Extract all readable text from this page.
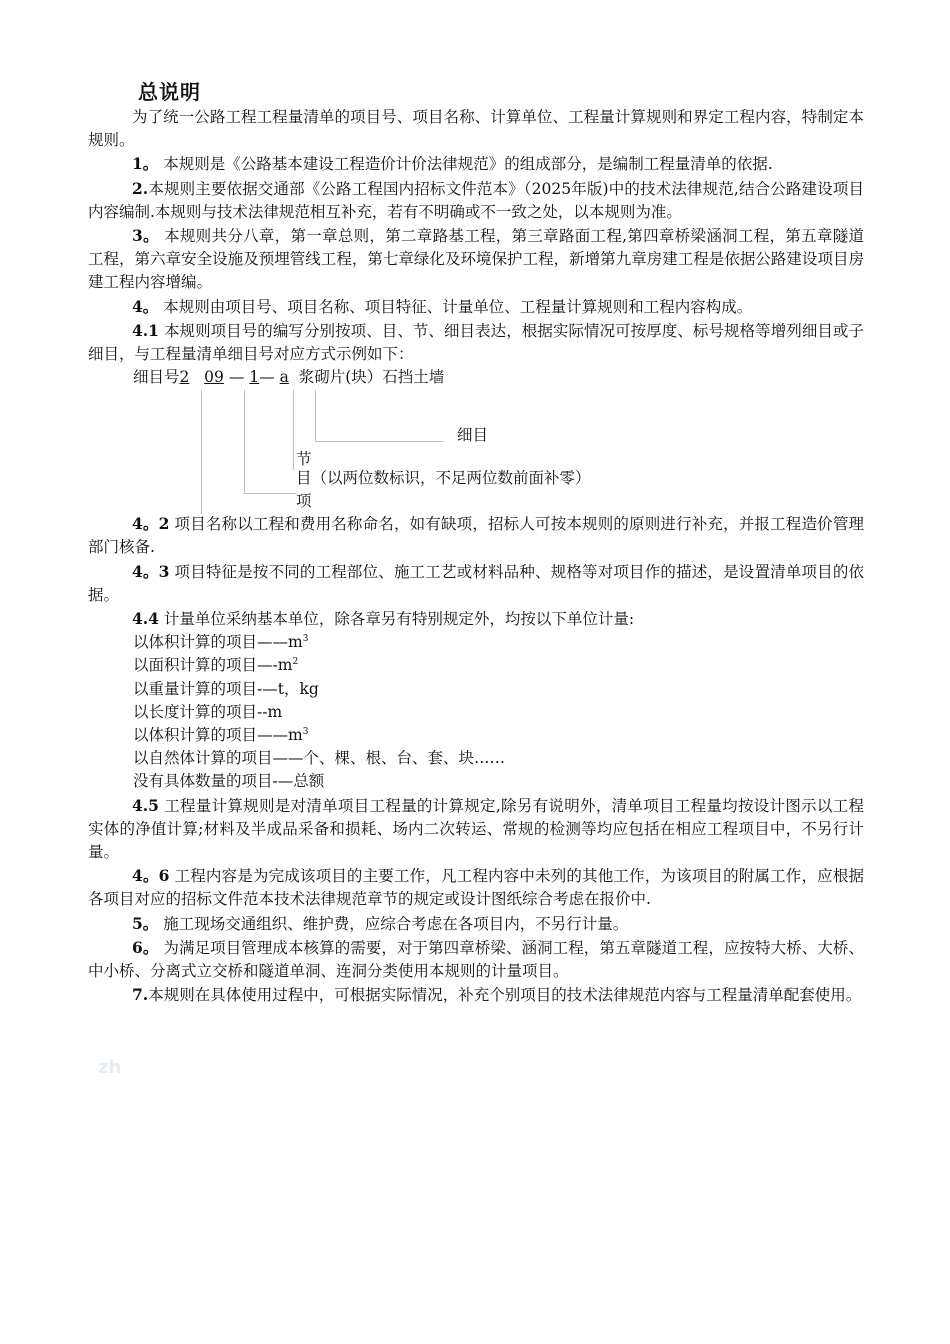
总说明

为了统一公路工程工程量清单的项目号、项目名称、计算单位、工程量计算规则和界定工程内容，特制定本规则。

1。 本规则是《公路基本建设工程造价计价法律规范》的组成部分，是编制工程量清单的依据.

2.本规则主要依据交通部《公路工程国内招标文件范本》（2025年版)中的技术法律规范,结合公路建设项目内容编制.本规则与技术法律规范相互补充，若有不明确或不一致之处，以本规则为准。

3。 本规则共分八章，第一章总则，第二章路基工程，第三章路面工程,第四章桥梁涵洞工程，第五章隧道工程，第六章安全设施及预埋管线工程，第七章绿化及环境保护工程，新增第九章房建工程是依据公路建设项目房建工程内容增编。

4。 本规则由项目号、项目名称、项目特征、计量单位、工程量计算规则和工程内容构成。

4.1 本规则项目号的编写分别按项、目、节、细目表达，根据实际情况可按厚度、标号规格等增列细目或子细目，与工程量清单细目号对应方式示例如下：

细目号2 09 — 1— a 浆砌片(块）石挡土墙
细目
节
目（以两位数标识，不足两位数前面补零）
项

4。2 项目名称以工程和费用名称命名，如有缺项，招标人可按本规则的原则进行补充，并报工程造价管理部门核备.

4。3 项目特征是按不同的工程部位、施工工艺或材料品种、规格等对项目作的描述，是设置清单项目的依据。

4.4 计量单位采纳基本单位，除各章另有特别规定外，均按以下单位计量:

以体积计算的项目$——m^3$

以面积计算的项目$—-m^2$

以重量计算的项目-—t，kg

以长度计算的项目--m

以体积计算的项目$——m^3$

以自然体计算的项目——个、棵、根、台、套、块……

没有具体数量的项目-—总额

4.5 工程量计算规则是对清单项目工程量的计算规定,除另有说明外，清单项目工程量均按设计图示以工程实体的净值计算;材料及半成品采备和损耗、场内二次转运、常规的检测等均应包括在相应工程项目中，不另行计量。

4。6 工程内容是为完成该项目的主要工作，凡工程内容中未列的其他工作，为该项目的附属工作，应根据各项目对应的招标文件范本技术法律规范章节的规定或设计图纸综合考虑在报价中.

5。 施工现场交通组织、维护费，应综合考虑在各项目内，不另行计量。

6。 为满足项目管理成本核算的需要，对于第四章桥梁、涵洞工程，第五章隧道工程，应按特大桥、大桥、中小桥、分离式立交桥和隧道单洞、连洞分类使用本规则的计量项目。

7.本规则在具体使用过程中，可根据实际情况，补充个别项目的技术法律规范内容与工程量清单配套使用。

zh
